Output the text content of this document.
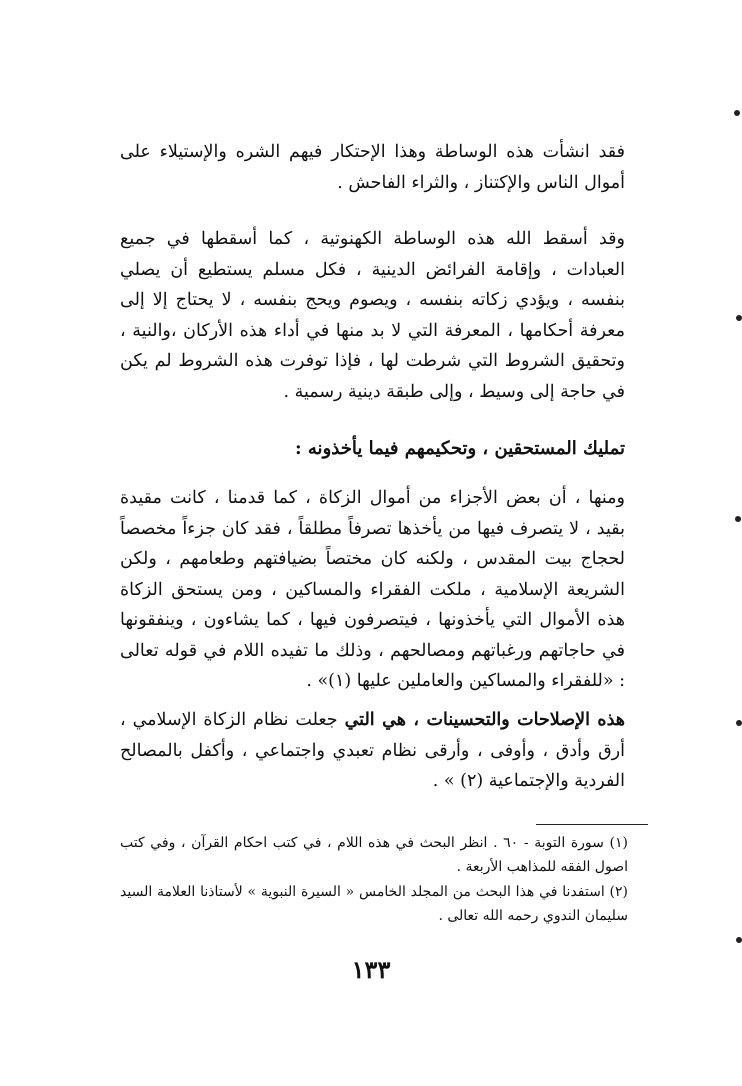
فقد انشأت هذه الوساطة وهذا الإحتكار فيهم الشره والإستيلاء على أموال الناس والإكتناز ، والثراء الفاحش .

وقد أسقط الله هذه الوساطة الكهنوتية ، كما أسقطها في جميع العبادات ، وإقامة الفرائض الدينية ، فكل مسلم يستطيع أن يصلي بنفسه ، ويؤدي زكاته بنفسه ، ويصوم ويحج بنفسه ، لا يحتاج إلا إلى معرفة أحكامها ، المعرفة التي لا بد منها في أداء هذه الأركان ،والنية ، وتحقيق الشروط التي شرطت لها ، فإذا توفرت هذه الشروط لم يكن في حاجة إلى وسيط ، وإلى طبقة دينية رسمية .

تمليك المستحقين ، وتحكيمهم فيما يأخذونه :

ومنها ، أن بعض الأجزاء من أموال الزكاة ، كما قدمنا ، كانت مقيدة بقيد ، لا يتصرف فيها من يأخذها تصرفاً مطلقاً ، فقد كان جزءاً مخصصاً لحجاج بيت المقدس ، ولكنه كان مختصاً بضيافتهم وطعامهم ، ولكن الشريعة الإسلامية ، ملكت الفقراء والمساكين ، ومن يستحق الزكاة هذه الأموال التي يأخذونها ، فيتصرفون فيها ، كما يشاءون ، وينفقونها في حاجاتهم ورغباتهم ومصالحهم ، وذلك ما تفيده اللام في قوله تعالى : «للفقراء والمساكين والعاملين عليها (١)» .

هذه الإصلاحات والتحسينات ، هي التي جعلت نظام الزكاة الإسلامي ، أرق وأدق ، وأوفى ، وأرقى نظام تعبدي واجتماعي ، وأكفل بالمصالح الفردية والإجتماعية (٢) » .

(١) سورة التوبة - ٦٠ . انظر البحث في هذه اللام ، في كتب احكام القرآن ، وفي كتب اصول الفقه للمذاهب الأربعة .

(٢) استفدنا في هذا البحث من المجلد الخامس « السيرة النبوية » لأستاذنا العلامة السيد سليمان الندوي رحمه الله تعالى .

١٣٣
